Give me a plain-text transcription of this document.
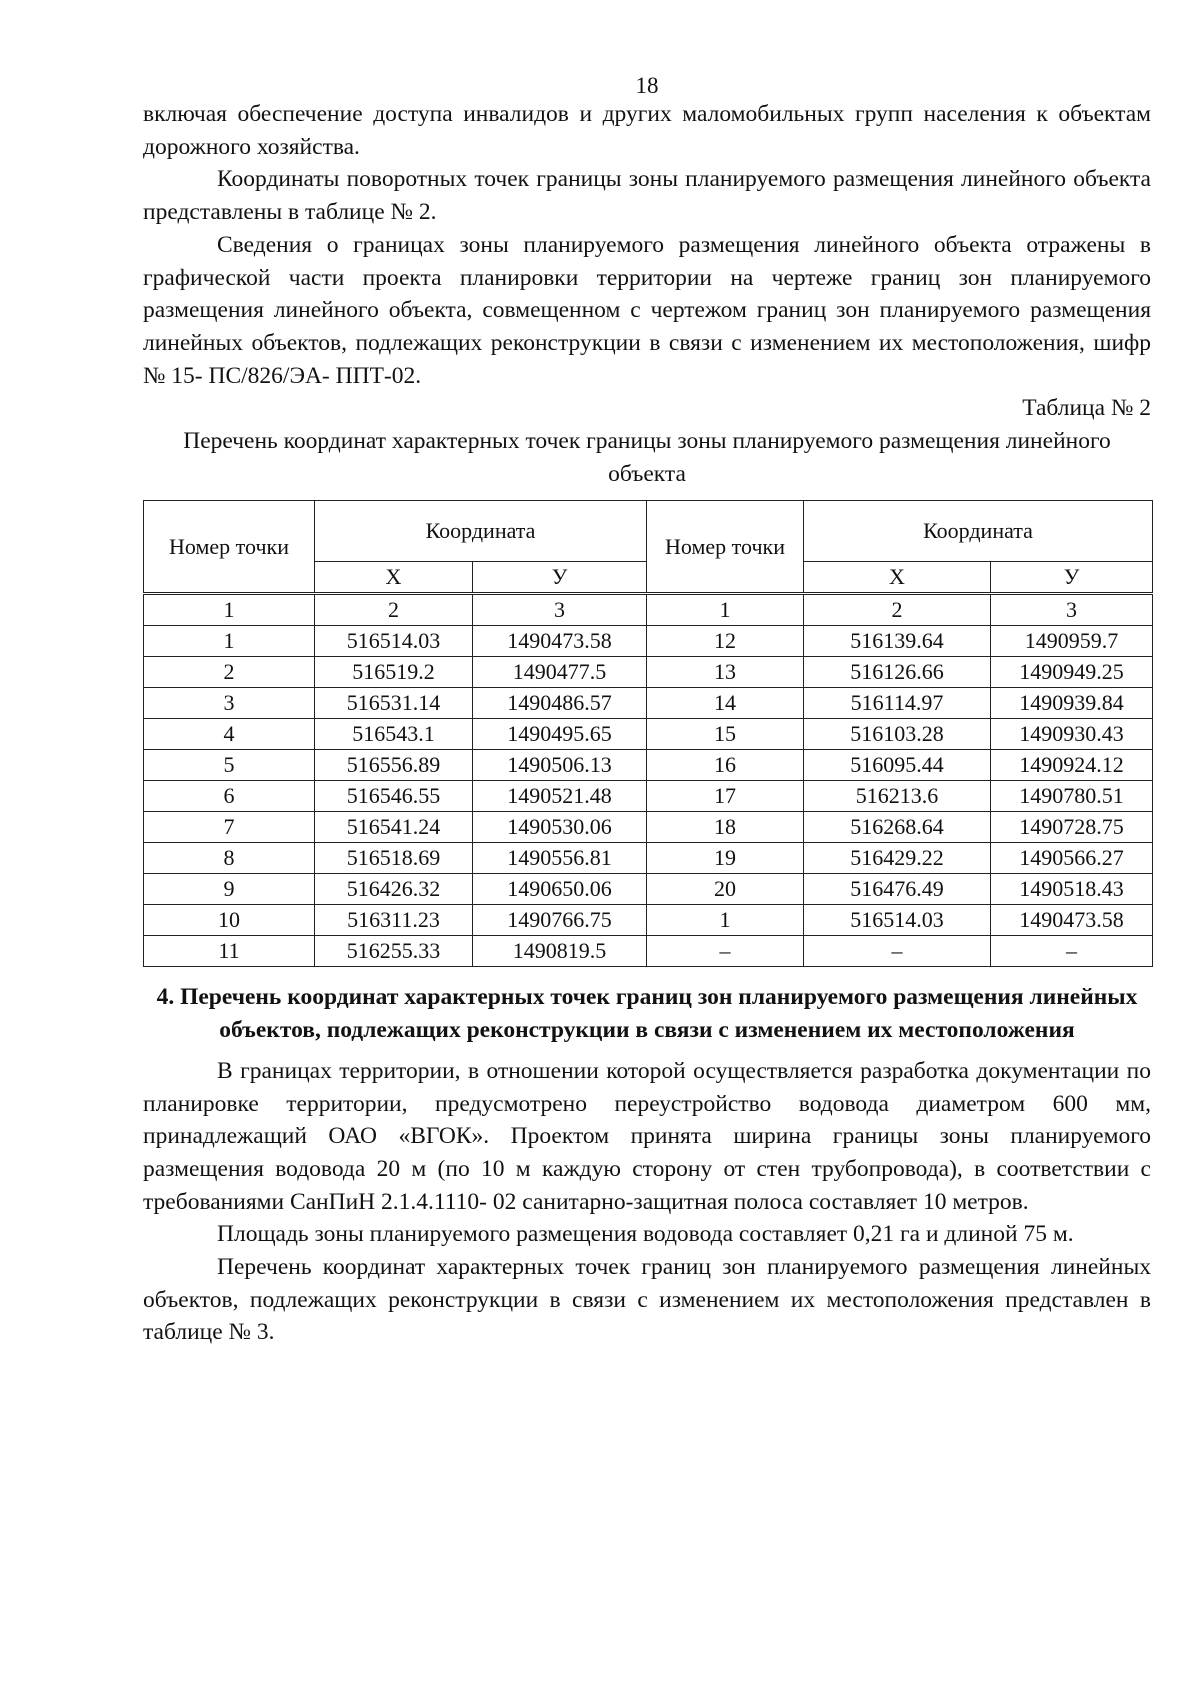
18

включая обеспечение доступа инвалидов и других маломобильных групп населения к объектам дорожного хозяйства.

Координаты поворотных точек границы зоны планируемого размещения линейного объекта представлены в таблице № 2.

Сведения о границах зоны планируемого размещения линейного объекта отражены в графической части проекта планировки территории на чертеже границ зон планируемого размещения линейного объекта, совмещенном с чертежом границ зон планируемого размещения линейных объектов, подлежащих реконструкции в связи с изменением их местоположения, шифр № 15- ПС/826/ЭА- ППТ-02.

Таблица № 2

Перечень координат характерных точек границы зоны планируемого размещения линейного объекта

Номер точки	Координата		Номер точки	Координата	
	X	У		X	У
1	2	3	1	2	3
1	516514.03	1490473.58	12	516139.64	1490959.7
2	516519.2	1490477.5	13	516126.66	1490949.25
3	516531.14	1490486.57	14	516114.97	1490939.84
4	516543.1	1490495.65	15	516103.28	1490930.43
5	516556.89	1490506.13	16	516095.44	1490924.12
6	516546.55	1490521.48	17	516213.6	1490780.51
7	516541.24	1490530.06	18	516268.64	1490728.75
8	516518.69	1490556.81	19	516429.22	1490566.27
9	516426.32	1490650.06	20	516476.49	1490518.43
10	516311.23	1490766.75	1	516514.03	1490473.58
11	516255.33	1490819.5	–	–	–
4. Перечень координат характерных точек границ зон планируемого размещения линейных объектов, подлежащих реконструкции в связи с изменением их местоположения

В границах территории, в отношении которой осуществляется разработка документации по планировке территории, предусмотрено переустройство водовода диаметром 600 мм, принадлежащий ОАО «ВГОК». Проектом принята ширина границы зоны планируемого размещения водовода 20 м (по 10 м каждую сторону от стен трубопровода), в соответствии с требованиями СанПиН 2.1.4.1110- 02 санитарно-защитная полоса составляет 10 метров.

Площадь зоны планируемого размещения водовода составляет 0,21 га и длиной 75 м.

Перечень координат характерных точек границ зон планируемого размещения линейных объектов, подлежащих реконструкции в связи с изменением их местоположения представлен в таблице № 3.
